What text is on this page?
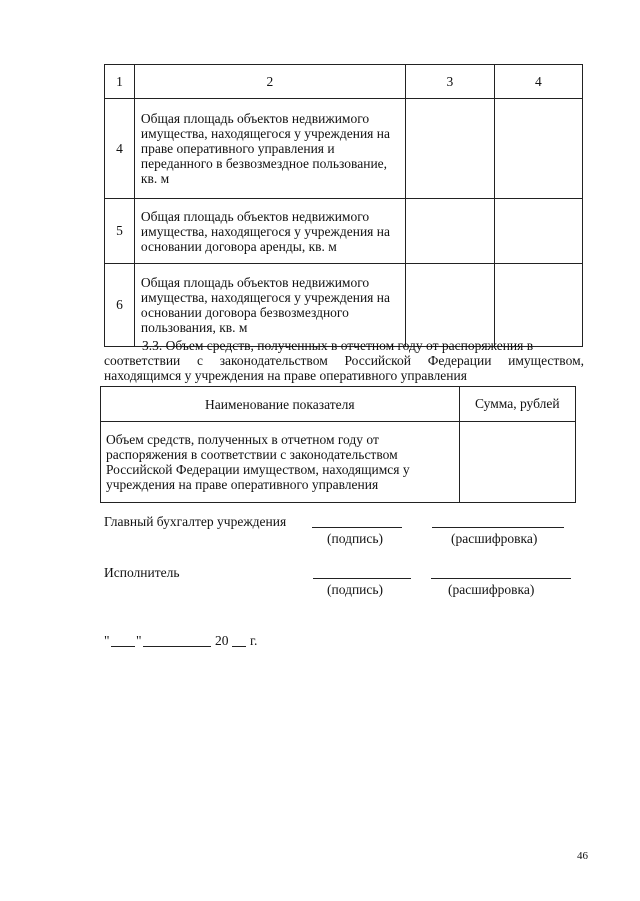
1	2	3	4
4	Общая площадь объектов недвижимого имущества, находящегося у учреждения на праве оперативного управления и переданного в безвозмездное пользование, кв. м		
5	Общая площадь объектов недвижимого имущества, находящегося у учреждения на основании договора аренды, кв. м		
6	Общая площадь объектов недвижимого имущества, находящегося у учреждения на основании договора безвозмездного пользования, кв. м		
3.3. Объем средств, полученных в отчетном году от распоряжения в
соответствии с законодательством Российской Федерации имуществом, находящимся у учреждения на праве оперативного управления
Наименование показателя	Сумма, рублей
Объем средств, полученных в отчетном году от распоряжения в соответствии с законодательством Российской Федерации имуществом, находящимся у учреждения на праве оперативного управления	
Главный бухгалтер учреждения
(подпись)	(расшифровка)
Исполнитель
(подпись)	(расшифровка)
" "	20 г.
46
